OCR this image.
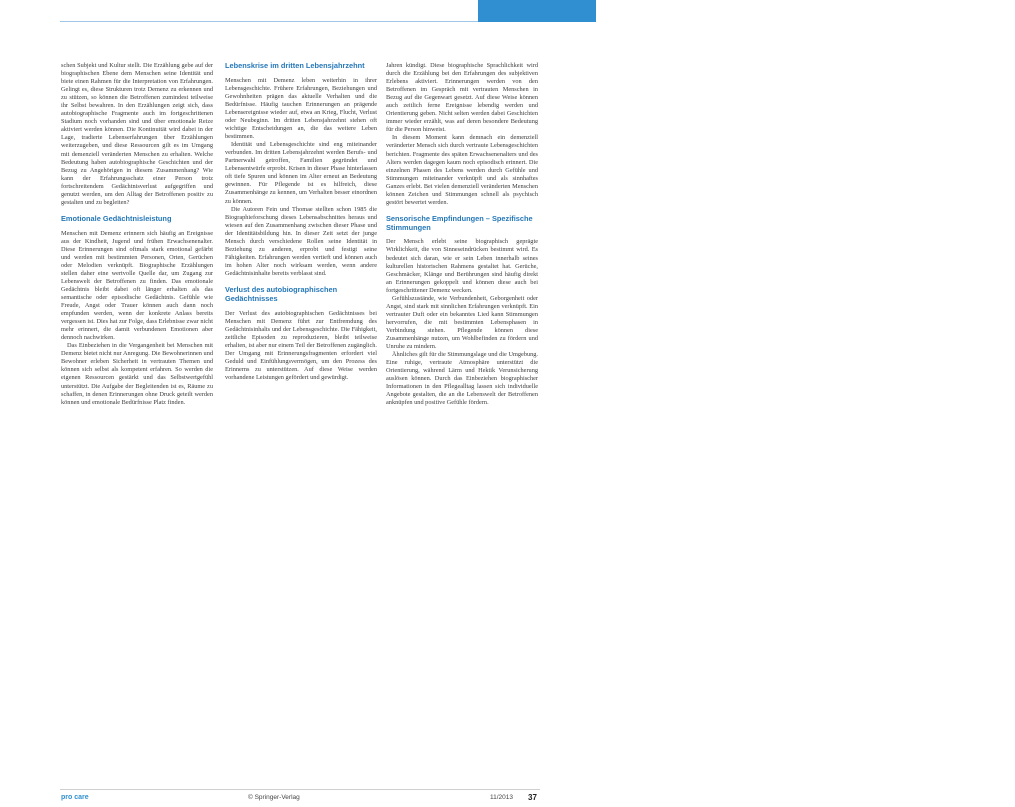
geriatrie

schen Subjekt und Kultur stellt. Die Erzählung gebe auf der biographischen Ebene dem Menschen seine Identität und biete einen Rahmen für die Interpretation von Erfahrungen. Gelingt es, diese Strukturen trotz Demenz zu erkennen und zu stützen, so können die Betroffenen zumindest teilweise ihr Selbst bewahren. In den Erzählungen zeigt sich, dass autobiographische Fragmente auch im fortgeschrittenen Stadium noch vorhanden sind und über emotionale Reize aktiviert werden können. Die Kontinuität wird dabei in der Lage, tradierte Lebenserfahrungen über Erzählungen weiterzugeben, und diese Ressourcen gilt es im Umgang mit demenziell veränderten Menschen zu erhalten. Welche Bedeutung haben autobiographische Geschichten und der Bezug zu Angehörigen in diesem Zusammenhang? Wie kann der Erfahrungsschatz einer Person trotz fortschreitendem Gedächtnisverlust aufgegriffen und genutzt werden, um den Alltag der Betroffenen positiv zu gestalten und zu begleiten?

Emotionale Gedächtnisleistung

Menschen mit Demenz erinnern sich häufig an Ereignisse aus der Kindheit, Jugend und frühen Erwachsenenalter. Diese Erinnerungen sind oftmals stark emotional gefärbt und werden mit bestimmten Personen, Orten, Gerüchen oder Melodien verknüpft. Biographische Erzählungen stellen daher eine wertvolle Quelle dar, um Zugang zur Lebenswelt der Betroffenen zu finden. Das emotionale Gedächtnis bleibt dabei oft länger erhalten als das semantische oder episodische Gedächtnis. Gefühle wie Freude, Angst oder Trauer können auch dann noch empfunden werden, wenn der konkrete Anlass bereits vergessen ist. Dies hat zur Folge, dass Erlebnisse zwar nicht mehr erinnert, die damit verbundenen Emotionen aber dennoch nachwirken.

Das Einbeziehen in die Vergangenheit bei Menschen mit Demenz bietet nicht nur Anregung. Die Bewohnerinnen und Bewohner erleben Sicherheit in vertrauten Themen und können sich selbst als kompetent erfahren. So werden die eigenen Ressourcen gestärkt und das Selbstwertgefühl unterstützt. Die Aufgabe der Begleitenden ist es, Räume zu schaffen, in denen Erinnerungen ohne Druck geteilt werden können und emotionale Bedürfnisse Platz finden.

Lebenskrise im dritten Lebensjahrzehnt

Menschen mit Demenz leben weiterhin in ihrer Lebensgeschichte. Frühere Erfahrungen, Beziehungen und Gewohnheiten prägen das aktuelle Verhalten und die Bedürfnisse. Häufig tauchen Erinnerungen an prägende Lebensereignisse wieder auf, etwa an Krieg, Flucht, Verlust oder Neubeginn. Im dritten Lebensjahrzehnt stehen oft wichtige Entscheidungen an, die das weitere Leben bestimmen.

Identität und Lebensgeschichte sind eng miteinander verbunden. Im dritten Lebensjahrzehnt werden Berufs- und Partnerwahl getroffen, Familien gegründet und Lebensentwürfe erprobt. Krisen in dieser Phase hinterlassen oft tiefe Spuren und können im Alter erneut an Bedeutung gewinnen. Für Pflegende ist es hilfreich, diese Zusammenhänge zu kennen, um Verhalten besser einordnen zu können.

Die Autoren Fein und Thomae stellten schon 1985 die Biographieforschung dieses Lebensabschnittes heraus und wiesen auf den Zusammenhang zwischen dieser Phase und der Identitätsbildung hin. In dieser Zeit setzt der junge Mensch durch verschiedene Rollen seine Identität in Beziehung zu anderen, erprobt und festigt seine Fähigkeiten. Erfahrungen werden vertieft und können auch im hohen Alter noch wirksam werden, wenn andere Gedächtnisinhalte bereits verblasst sind.

Verlust des autobiographischen Gedächtnisses

Der Verlust des autobiographischen Gedächtnisses bei Menschen mit Demenz führt zur Entfremdung des Gedächtnisinhalts und der Lebensgeschichte. Die Fähigkeit, zeitliche Episoden zu reproduzieren, bleibt teilweise erhalten, ist aber nur einem Teil der Betroffenen zugänglich. Der Umgang mit Erinnerungsfragmenten erfordert viel Geduld und Einfühlungsvermögen, um den Prozess des Erinnerns zu unterstützen. Auf diese Weise werden vorhandene Leistungen gefördert und gewürdigt.

Jahren kündigt. Diese biographische Sprachlichkeit wird durch die Erzählung bei den Erfahrungen des subjektiven Erlebens aktiviert. Erinnerungen werden von den Betroffenen im Gespräch mit vertrauten Menschen in Bezug auf die Gegenwart gesetzt. Auf diese Weise können auch zeitlich ferne Ereignisse lebendig werden und Orientierung geben. Nicht selten werden dabei Geschichten immer wieder erzählt, was auf deren besondere Bedeutung für die Person hinweist.

In diesem Moment kann demnach ein demenziell veränderter Mensch sich durch vertraute Lebensgeschichten berichten. Fragmente des späten Erwachsenenalters und des Alters werden dagegen kaum noch episodisch erinnert. Die einzelnen Phasen des Lebens werden durch Gefühle und Stimmungen miteinander verknüpft und als sinnhaftes Ganzes erlebt. Bei vielen demenziell veränderten Menschen können Zeichen und Stimmungen schnell als psychisch gestört bewertet werden.

Sensorische Empfindungen – Spezifische Stimmungen

Der Mensch erlebt seine biographisch geprägte Wirklichkeit, die von Sinneseindrücken bestimmt wird. Es bedeutet sich daran, wie er sein Leben innerhalb seines kulturellen historischen Rahmens gestaltet hat. Gerüche, Geschmäcker, Klänge und Berührungen sind häufig direkt an Erinnerungen gekoppelt und können diese auch bei fortgeschrittener Demenz wecken.

Gefühlszustände, wie Verbundenheit, Geborgenheit oder Angst, sind stark mit sinnlichen Erfahrungen verknüpft. Ein vertrauter Duft oder ein bekanntes Lied kann Stimmungen hervorrufen, die mit bestimmten Lebensphasen in Verbindung stehen. Pflegende können diese Zusammenhänge nutzen, um Wohlbefinden zu fördern und Unruhe zu mindern.

Ähnliches gilt für die Stimmungslage und die Umgebung. Eine ruhige, vertraute Atmosphäre unterstützt die Orientierung, während Lärm und Hektik Verunsicherung auslösen können. Durch das Einbeziehen biographischer Informationen in den Pflegealltag lassen sich individuelle Angebote gestalten, die an die Lebenswelt der Betroffenen anknüpfen und positive Gefühle fördern.

pro care	© Springer-Verlag	11/2013 37
